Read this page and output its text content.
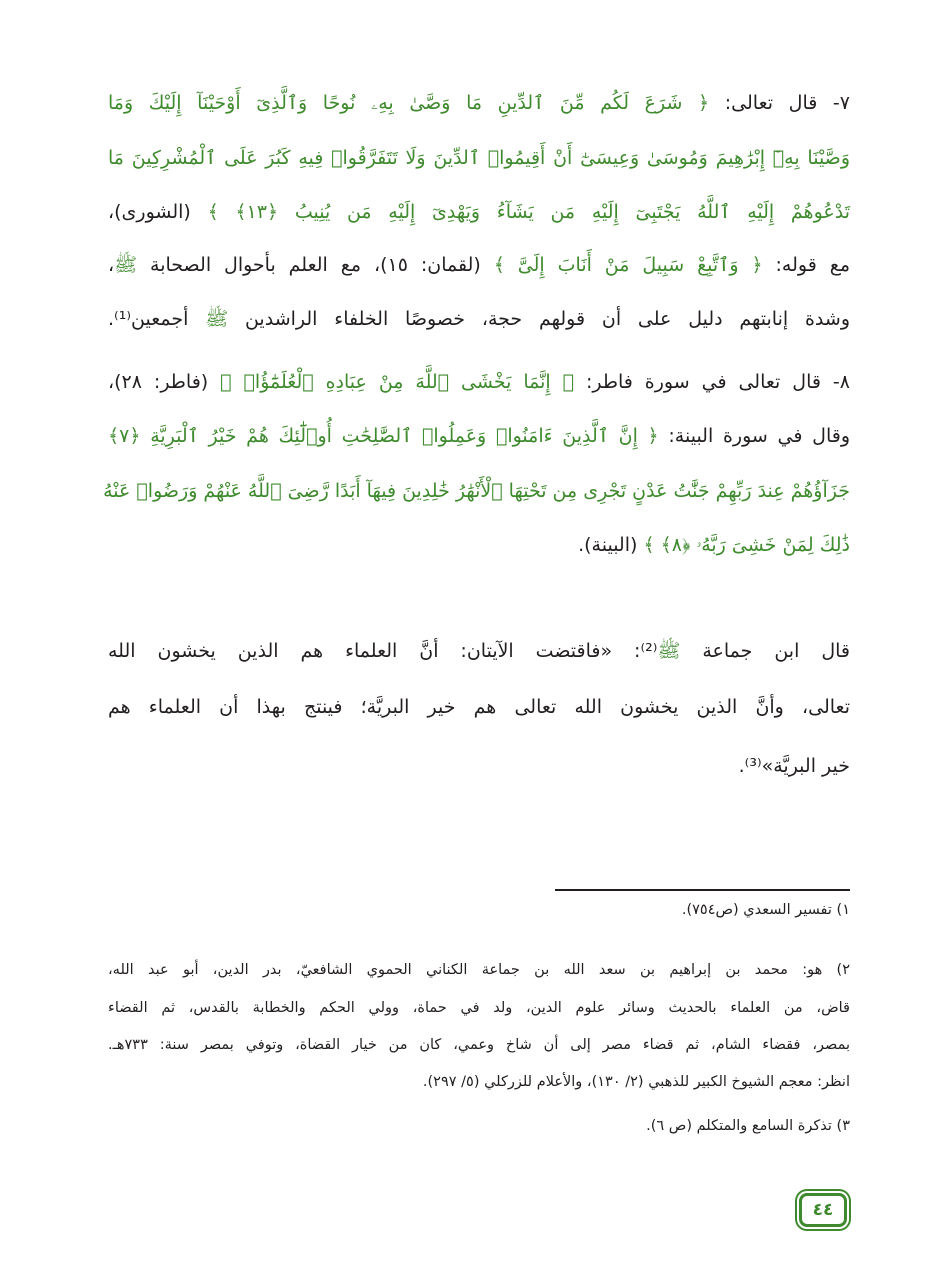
٧- قال تعالى: ﴿ شَرَعَ لَكُم مِّنَ ٱلدِّينِ مَا وَصَّىٰ بِهِۦ نُوحًا وَٱلَّذِىٓ أَوْحَيْنَآ إِلَيْكَ وَمَا
وَصَّيْنَا بِهِۦٓ إِبْرَٰهِيمَ وَمُوسَىٰ وَعِيسَىٰٓ أَنْ أَقِيمُوا۟ ٱلدِّينَ وَلَا تَتَفَرَّقُوا۟ فِيهِ كَبُرَ عَلَى ٱلْمُشْرِكِينَ مَا
تَدْعُوهُمْ إِلَيْهِ ٱللَّهُ يَجْتَبِىٓ إِلَيْهِ مَن يَشَآءُ وَيَهْدِىٓ إِلَيْهِ مَن يُنِيبُ ﴿١٣﴾ ﴾ (الشورى)،
مع قوله: ﴿ وَٱتَّبِعْ سَبِيلَ مَنْ أَنَابَ إِلَىَّ ﴾ (لقمان: ١٥)، مع العلم بأحوال الصحابة ﷺ،
وشدة إنابتهم دليل على أن قولهم حجة، خصوصًا الخلفاء الراشدين ﷺ أجمعين⁽¹⁾.
٨- قال تعالى في سورة فاطر: ﴿ إِنَّمَا يَخْشَى ٱللَّهَ مِنْ عِبَادِهِ ٱلْعُلَمَٰٓؤُا۟ ﴾ (فاطر: ٢٨)،
وقال في سورة البينة: ﴿ إِنَّ ٱلَّذِينَ ءَامَنُوا۟ وَعَمِلُوا۟ ٱلصَّٰلِحَٰتِ أُو۟لَٰٓئِكَ هُمْ خَيْرُ ٱلْبَرِيَّةِ ﴿٧﴾
جَزَآؤُهُمْ عِندَ رَبِّهِمْ جَنَّٰتُ عَدْنٍ تَجْرِى مِن تَحْتِهَا ٱلْأَنْهَٰرُ خَٰلِدِينَ فِيهَآ أَبَدًا رَّضِىَ ٱللَّهُ عَنْهُمْ وَرَضُوا۟ عَنْهُ
ذَٰلِكَ لِمَنْ خَشِىَ رَبَّهُۥ ﴿٨﴾ ﴾ (البينة).
قال ابن جماعة ﷺ⁽²⁾: «فاقتضت الآيتان: أنَّ العلماء هم الذين يخشون الله
تعالى، وأنَّ الذين يخشون الله تعالى هم خير البريَّة؛ فينتج بهذا أن العلماء هم
خير البريَّة»⁽³⁾.
١) تفسير السعدي (ص٧٥٤).
٢) هو: محمد بن إبراهيم بن سعد الله بن جماعة الكناني الحموي الشافعيّ، بدر الدين، أبو عبد الله،
قاض، من العلماء بالحديث وسائر علوم الدين، ولد في حماة، وولي الحكم والخطابة بالقدس، ثم القضاء
بمصر، فقضاء الشام، ثم قضاء مصر إلى أن شاخ وعمي، كان من خيار القضاة، وتوفي بمصر سنة: ٧٣٣هـ.
انظر: معجم الشيوخ الكبير للذهبي (٢/ ١٣٠)، والأعلام للزركلي (٥/ ٢٩٧).
٣) تذكرة السامع والمتكلم (ص ٦).
٤٤
